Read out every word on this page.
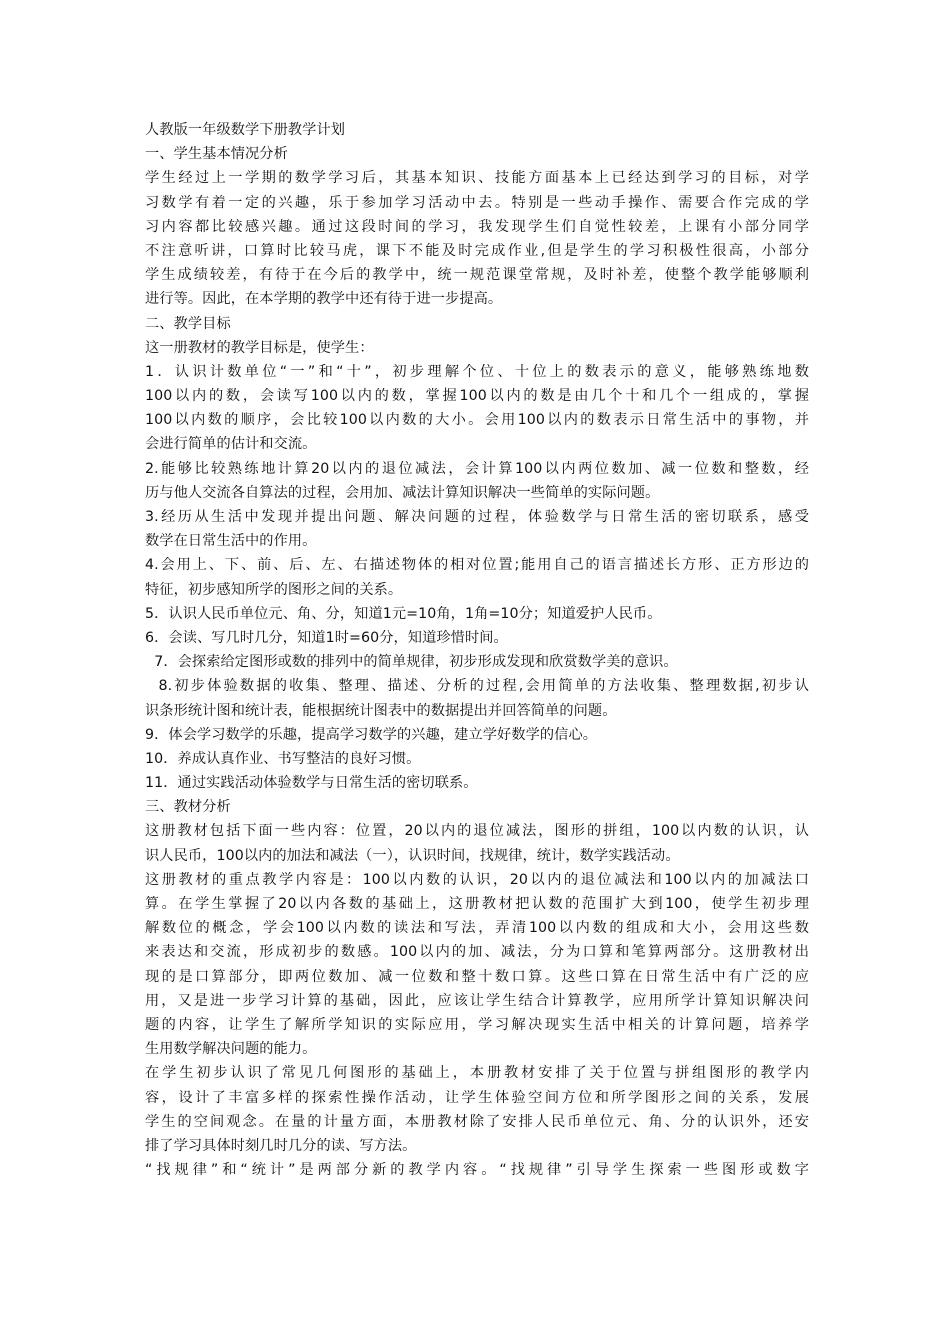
人教版一年级数学下册教学计划
一、学生基本情况分析
学生经过上一学期的数学学习后，其基本知识、技能方面基本上已经达到学习的目标，对学
习数学有着一定的兴趣，乐于参加学习活动中去。特别是一些动手操作、需要合作完成的学
习内容都比较感兴趣。通过这段时间的学习，我发现学生们自觉性较差，上课有小部分同学
不注意听讲，口算时比较马虎，课下不能及时完成作业,但是学生的学习积极性很高，小部分
学生成绩较差，有待于在今后的教学中，统一规范课堂常规，及时补差，使整个教学能够顺利
进行等。因此，在本学期的教学中还有待于进一步提高。
二、教学目标
这一册教材的教学目标是，使学生：
1．认识计数单位“一”和“十”，初步理解个位、十位上的数表示的意义，能够熟练地数
100以内的数，会读写100以内的数，掌握100以内的数是由几个十和几个一组成的，掌握
100以内数的顺序，会比较100以内数的大小。会用100以内的数表示日常生活中的事物，并
会进行简单的估计和交流。
2.能够比较熟练地计算20以内的退位减法，会计算100以内两位数加、减一位数和整数，经
历与他人交流各自算法的过程，会用加、减法计算知识解决一些简单的实际问题。
3.经历从生活中发现并提出问题、解决问题的过程，体验数学与日常生活的密切联系，感受
数学在日常生活中的作用。
4.会用上、下、前、后、左、右描述物体的相对位置;能用自己的语言描述长方形、正方形边的
特征，初步感知所学的图形之间的关系。
5．认识人民币单位元、角、分，知道1元=10角，1角=10分；知道爱护人民币。
6．会读、写几时几分，知道1时=60分，知道珍惜时间。
7．会探索给定图形或数的排列中的简单规律，初步形成发现和欣赏数学美的意识。
8.初步体验数据的收集、整理、描述、分析的过程,会用简单的方法收集、整理数据,初步认
识条形统计图和统计表，能根据统计图表中的数据提出并回答简单的问题。
9．体会学习数学的乐趣，提高学习数学的兴趣，建立学好数学的信心。
10．养成认真作业、书写整洁的良好习惯。
11．通过实践活动体验数学与日常生活的密切联系。
三、教材分析
这册教材包括下面一些内容：位置，20以内的退位减法，图形的拼组，100以内数的认识，认
识人民币，100以内的加法和减法（一），认识时间，找规律，统计，数学实践活动。
这册教材的重点教学内容是：100以内数的认识，20以内的退位减法和100以内的加减法口
算。在学生掌握了20以内各数的基础上，这册教材把认数的范围扩大到100，使学生初步理
解数位的概念，学会100以内数的读法和写法，弄清100以内数的组成和大小，会用这些数
来表达和交流，形成初步的数感。100以内的加、减法，分为口算和笔算两部分。这册教材出
现的是口算部分，即两位数加、减一位数和整十数口算。这些口算在日常生活中有广泛的应
用，又是进一步学习计算的基础，因此，应该让学生结合计算教学，应用所学计算知识解决问
题的内容，让学生了解所学知识的实际应用，学习解决现实生活中相关的计算问题，培养学
生用数学解决问题的能力。
在学生初步认识了常见几何图形的基础上，本册教材安排了关于位置与拼组图形的教学内
容，设计了丰富多样的探索性操作活动，让学生体验空间方位和所学图形之间的关系，发展
学生的空间观念。在量的计量方面，本册教材除了安排人民币单位元、角、分的认识外，还安
排了学习具体时刻几时几分的读、写方法。
“找规律”和“统计”是两部分新的教学内容。“找规律”引导学生探索一些图形或数字
